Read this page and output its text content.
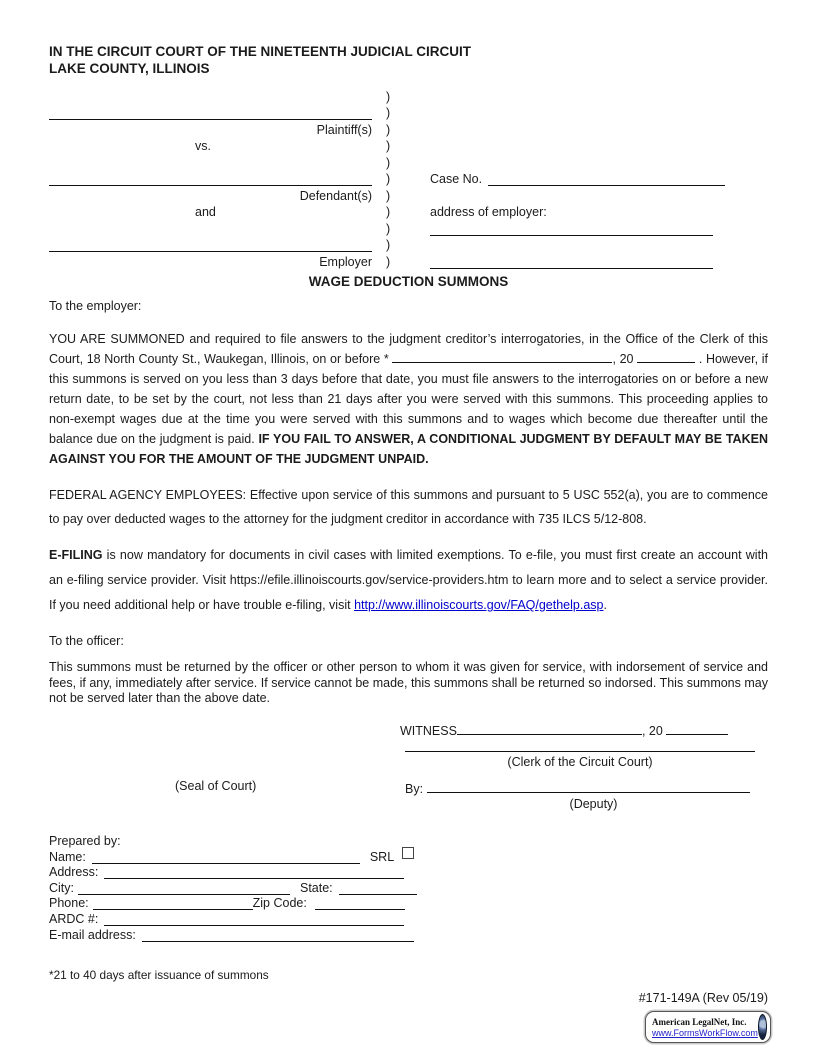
IN THE CIRCUIT COURT OF THE NINETEENTH JUDICIAL CIRCUIT
LAKE COUNTY, ILLINOIS
)
)
Plaintiff(s) )
vs.	)
)
)	Case No.
Defendant(s) )
and	)	address of employer:
)
)
Employer	)
WAGE DEDUCTION SUMMONS
To the employer:

YOU ARE SUMMONED and required to file answers to the judgment creditor’s interrogatories, in the Office of the Clerk of this Court, 18 North County St., Waukegan, Illinois, on or before *	, 20	. However, if this summons is served on you less than 3 days before that date, you must file answers to the interrogatories on or before a new return date, to be set by the court, not less than 21 days after you were served with this summons. This proceeding applies to non-exempt wages due at the time you were served with this summons and to wages which become due thereafter until the balance due on the judgment is paid. IF YOU FAIL TO ANSWER, A CONDITIONAL JUDGMENT BY DEFAULT MAY BE TAKEN AGAINST YOU FOR THE AMOUNT OF THE JUDGMENT UNPAID.

FEDERAL AGENCY EMPLOYEES: Effective upon service of this summons and pursuant to 5 USC 552(a), you are to commence to pay over deducted wages to the attorney for the judgment creditor in accordance with 735 ILCS 5/12-808.

E-FILING is now mandatory for documents in civil cases with limited exemptions. To e-file, you must first create an account with an e-filing service provider. Visit https://efile.illinoiscourts.gov/service-providers.htm to learn more and to select a service provider. If you need additional help or have trouble e-filing, visit http://www.illinoiscourts.gov/FAQ/gethelp.asp.

To the officer:

This summons must be returned by the officer or other person to whom it was given for service, with indorsement of service and fees, if any, immediately after service. If service cannot be made, this summons shall be returned so indorsed. This summons may not be served later than the above date.

WITNESS	, 20
(Clerk of the Circuit Court)
(Seal of Court)	By:
(Deputy)
Prepared by:
Name:	SRL
Address:
City:	State:
Phone:	Zip Code:
ARDC #:
E-mail address:
*21 to 40 days after issuance of summons
#171-149A (Rev 05/19)
American LegalNet, Inc.
www.FormsWorkFlow.com
